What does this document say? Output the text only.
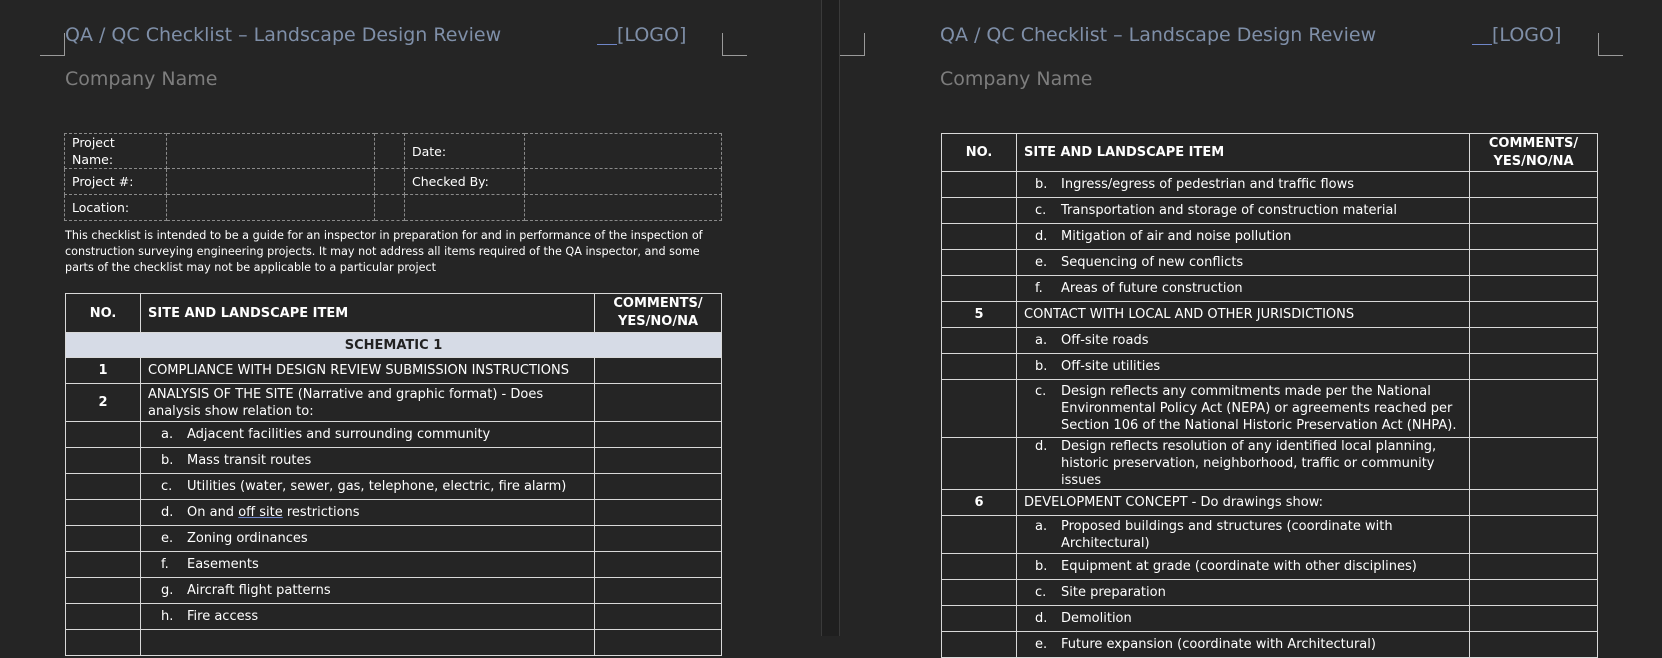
QA / QC Checklist – Landscape Design Review	[LOGO]
Company Name
Project Name:			Date:	
Project #:			Checked By:	
Location:				
This checklist is intended to be a guide for an inspector in preparation for and in performance of the inspection of construction surveying engineering projects. It may not address all items required of the QA inspector, and some parts of the checklist may not be applicable to a particular project
NO.	SITE AND LANDSCAPE ITEM	COMMENTS/
YES/NO/NA
SCHEMATIC 1		
1	COMPLIANCE WITH DESIGN REVIEW SUBMISSION INSTRUCTIONS	
2	ANALYSIS OF THE SITE (Narrative and graphic format) - Does analysis show relation to:	

	a. Adjacent facilities and surrounding community	

	b. Mass transit routes	

	c. Utilities (water, sewer, gas, telephone, electric, fire alarm)	

	d. On and off site restrictions	

	e. Zoning ordinances	

	f. Easements	

	g. Aircraft flight patterns	

	h. Fire access	

QA / QC Checklist – Landscape Design Review	[LOGO]
Company Name
NO.	SITE AND LANDSCAPE ITEM	COMMENTS/
YES/NO/NA

	b. Ingress/egress of pedestrian and traffic flows	

	c. Transportation and storage of construction material	

	d. Mitigation of air and noise pollution	

	e. Sequencing of new conflicts	

	f. Areas of future construction	

5	CONTACT WITH LOCAL AND OTHER JURISDICTIONS	

	a. Off-site roads	

	b. Off-site utilities	

	c. Design reflects any commitments made per the National Environmental Policy Act (NEPA) or agreements reached per Section 106 of the National Historic Preservation Act (NHPA).	

	d. Design reflects resolution of any identified local planning, historic preservation, neighborhood, traffic or community issues	

6	DEVELOPMENT CONCEPT - Do drawings show:	

	a. Proposed buildings and structures (coordinate with Architectural)	

	b. Equipment at grade (coordinate with other disciplines)	

	c. Site preparation	

	d. Demolition	

	e. Future expansion (coordinate with Architectural)	
